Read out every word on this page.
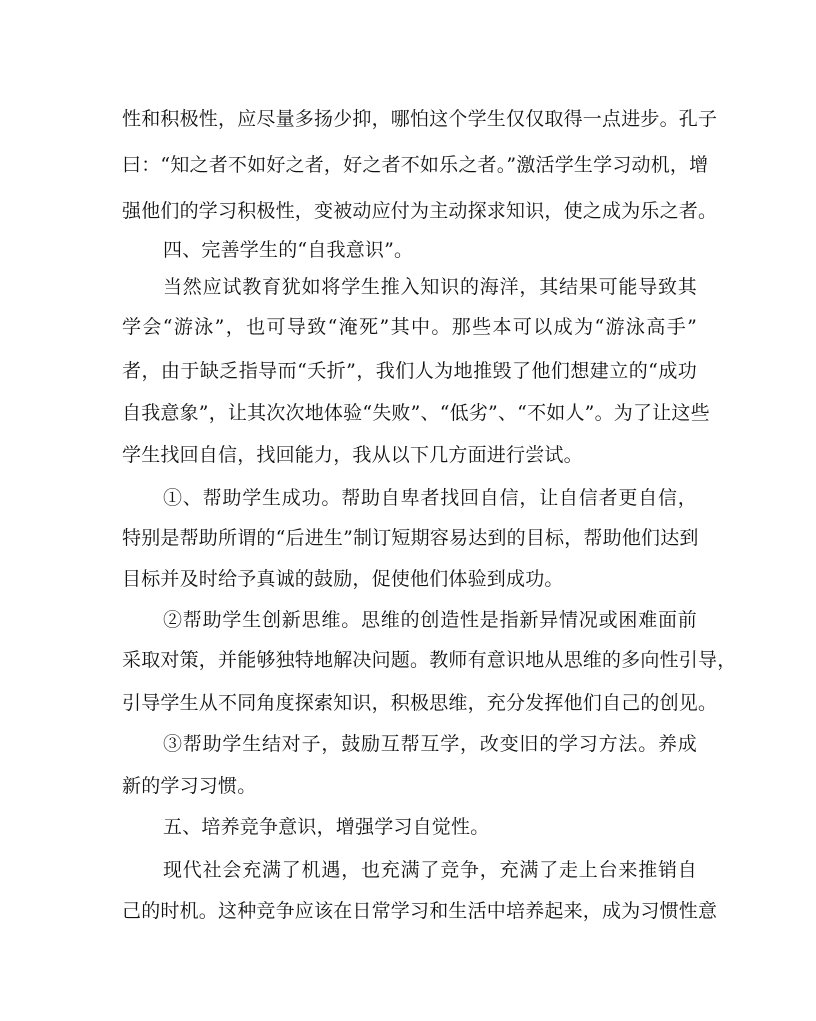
性和积极性，应尽量多扬少抑，哪怕这个学生仅仅取得一点进步。孔子
曰：“知之者不如好之者，好之者不如乐之者。”激活学生学习动机，增
强他们的学习积极性，变被动应付为主动探求知识，使之成为乐之者。
四、完善学生的“自我意识”。
当然应试教育犹如将学生推入知识的海洋，其结果可能导致其
学会“游泳”，也可导致“淹死”其中。那些本可以成为“游泳高手”
者，由于缺乏指导而“夭折”，我们人为地推毁了他们想建立的“成功
自我意象”，让其次次地体验“失败”、“低劣”、“不如人”。为了让这些
学生找回自信，找回能力，我从以下几方面进行尝试。
①、帮助学生成功。帮助自卑者找回自信，让自信者更自信，
特别是帮助所谓的“后进生”制订短期容易达到的目标，帮助他们达到
目标并及时给予真诚的鼓励，促使他们体验到成功。
②帮助学生创新思维。思维的创造性是指新异情况或困难面前
采取对策，并能够独特地解决问题。教师有意识地从思维的多向性引导，
引导学生从不同角度探索知识，积极思维，充分发挥他们自己的创见。
③帮助学生结对子，鼓励互帮互学，改变旧的学习方法。养成
新的学习习惯。
五、培养竞争意识，增强学习自觉性。
现代社会充满了机遇，也充满了竞争，充满了走上台来推销自
己的时机。这种竞争应该在日常学习和生活中培养起来，成为习惯性意
